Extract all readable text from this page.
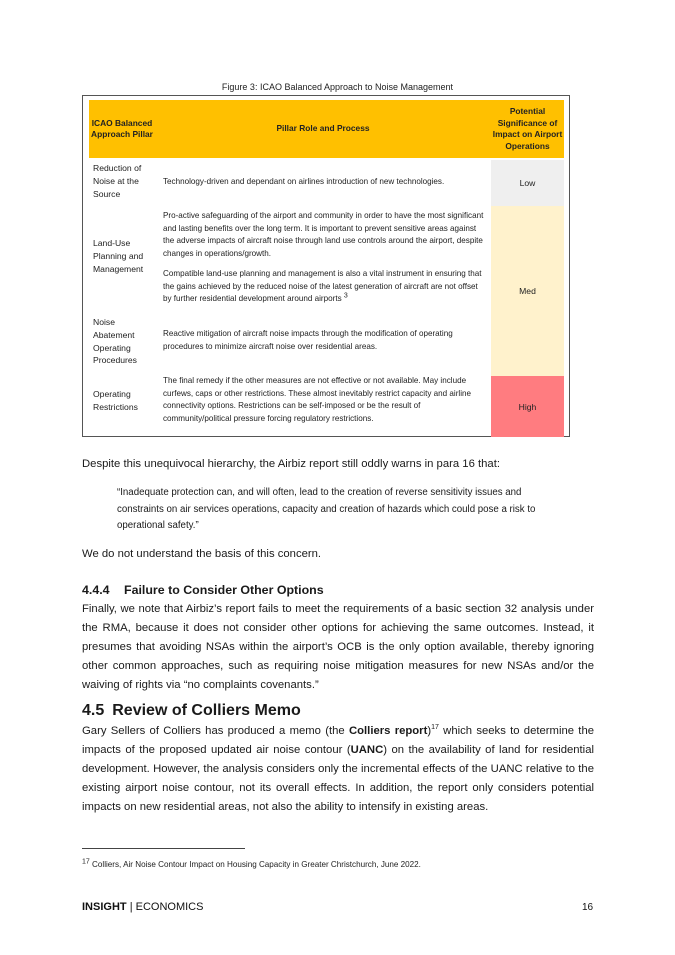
Figure 3: ICAO Balanced Approach to Noise Management
ICAO Balanced Approach Pillar
Pillar Role and Process
Potential Significance of Impact on Airport Operations
Low
Med
High
Reduction of Noise at the Source
Technology-driven and dependant on airlines introduction of new technologies.
Land-Use Planning and Management
Pro-active safeguarding of the airport and community in order to have the most significant and lasting benefits over the long term. It is important to prevent sensitive areas against the adverse impacts of aircraft noise through land use controls around the airport, despite changes in operations/growth.
Compatible land-use planning and management is also a vital instrument in ensuring that the gains achieved by the reduced noise of the latest generation of aircraft are not offset by further residential development around airports $^3$
Noise Abatement Operating Procedures
Reactive mitigation of aircraft noise impacts through the modification of operating procedures to minimize aircraft noise over residential areas.
Operating Restrictions
The final remedy if the other measures are not effective or not available. May include curfews, caps or other restrictions. These almost inevitably restrict capacity and airline connectivity options. Restrictions can be self-imposed or be the result of community/political pressure forcing regulatory restrictions.

Despite this unequivocal hierarchy, the Airbiz report still oddly warns in para 16 that:

“Inadequate protection can, and will often, lead to the creation of reverse sensitivity issues and constraints on air services operations, capacity and creation of hazards which could pose a risk to operational safety.”

We do not understand the basis of this concern.

4.4.4 Failure to Consider Other Options

Finally, we note that Airbiz’s report fails to meet the requirements of a basic section 32 analysis under the RMA, because it does not consider other options for achieving the same outcomes. Instead, it presumes that avoiding NSAs within the airport’s OCB is the only option available, thereby ignoring other common approaches, such as requiring noise mitigation measures for new NSAs and/or the waiving of rights via “no complaints covenants.”

4.5 Review of Colliers Memo

Gary Sellers of Colliers has produced a memo (the Colliers report)$^{17}$ which seeks to determine the impacts of the proposed updated air noise contour (UANC) on the availability of land for residential development. However, the analysis considers only the incremental effects of the UANC relative to the existing airport noise contour, not its overall effects. In addition, the report only considers potential impacts on new residential areas, not also the ability to intensify in existing areas.

$^{17}$ Colliers, Air Noise Contour Impact on Housing Capacity in Greater Christchurch, June 2022.
INSIGHT | ECONOMICS	16
